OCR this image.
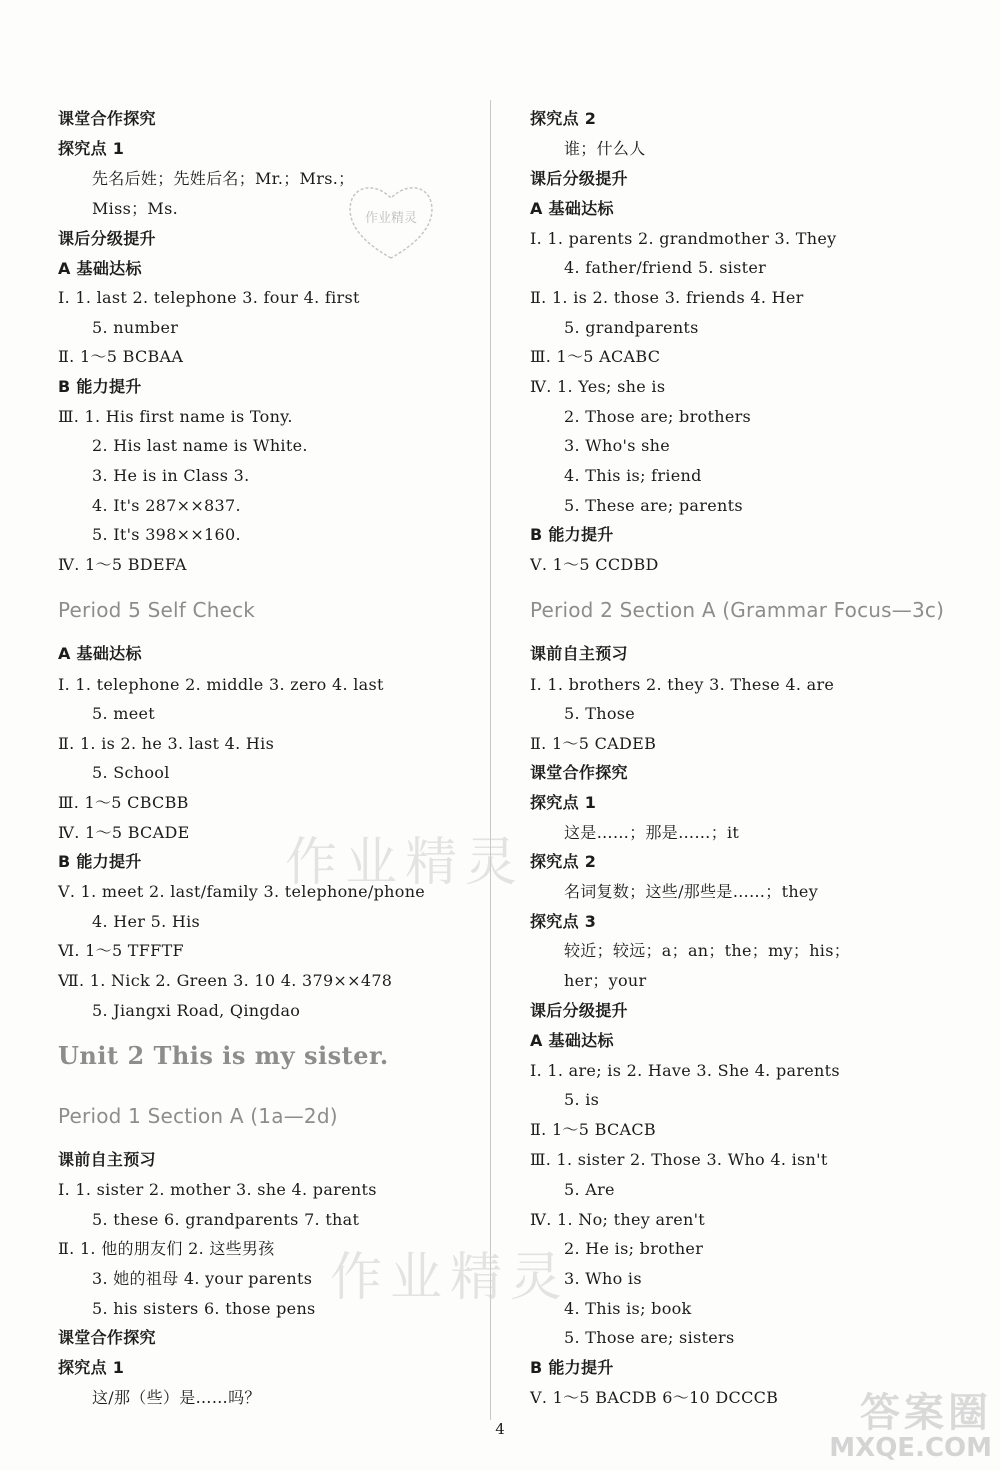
课堂合作探究
探究点 1
先名后姓；先姓后名；Mr.；Mrs.；
Miss；Ms.
课后分级提升
A 基础达标
Ⅰ. 1. last 2. telephone 3. four 4. first
5. number
Ⅱ. 1～5 BCBAA
B 能力提升
Ⅲ. 1. His first name is Tony.
2. His last name is White.
3. He is in Class 3.
4. It's 287××837.
5. It's 398××160.
Ⅳ. 1～5 BDEFA
Period 5 Self Check
A 基础达标
Ⅰ. 1. telephone 2. middle 3. zero 4. last
5. meet
Ⅱ. 1. is 2. he 3. last 4. His
5. School
Ⅲ. 1～5 CBCBB
Ⅳ. 1～5 BCADE
B 能力提升
Ⅴ. 1. meet 2. last/family 3. telephone/phone
4. Her 5. His
Ⅵ. 1～5 TFFTF
Ⅶ. 1. Nick 2. Green 3. 10 4. 379××478
5. Jiangxi Road, Qingdao
Unit 2 This is my sister.
Period 1 Section A (1a—2d)
课前自主预习
Ⅰ. 1. sister 2. mother 3. she 4. parents
5. these 6. grandparents 7. that
Ⅱ. 1. 他的朋友们 2. 这些男孩
3. 她的祖母 4. your parents
5. his sisters 6. those pens
课堂合作探究
探究点 1
这/那（些）是……吗？
探究点 2
谁；什么人
课后分级提升
A 基础达标
Ⅰ. 1. parents 2. grandmother 3. They
4. father/friend 5. sister
Ⅱ. 1. is 2. those 3. friends 4. Her
5. grandparents
Ⅲ. 1～5 ACABC
Ⅳ. 1. Yes; she is
2. Those are; brothers
3. Who's she
4. This is; friend
5. These are; parents
B 能力提升
Ⅴ. 1～5 CCDBD
Period 2 Section A (Grammar Focus—3c)
课前自主预习
Ⅰ. 1. brothers 2. they 3. These 4. are
5. Those
Ⅱ. 1～5 CADEB
课堂合作探究
探究点 1
这是……；那是……；it
探究点 2
名词复数；这些/那些是……；they
探究点 3
较近；较远；a；an；the；my；his；
her；your
课后分级提升
A 基础达标
Ⅰ. 1. are; is 2. Have 3. She 4. parents
5. is
Ⅱ. 1～5 BCACB
Ⅲ. 1. sister 2. Those 3. Who 4. isn't
5. Are
Ⅳ. 1. No; they aren't
2. He is; brother
3. Who is
4. This is; book
5. Those are; sisters
B 能力提升
Ⅴ. 1～5 BACDB 6～10 DCCCB
作业精灵
作业精灵
作业精灵
4	答案圈
MXQE.COM
